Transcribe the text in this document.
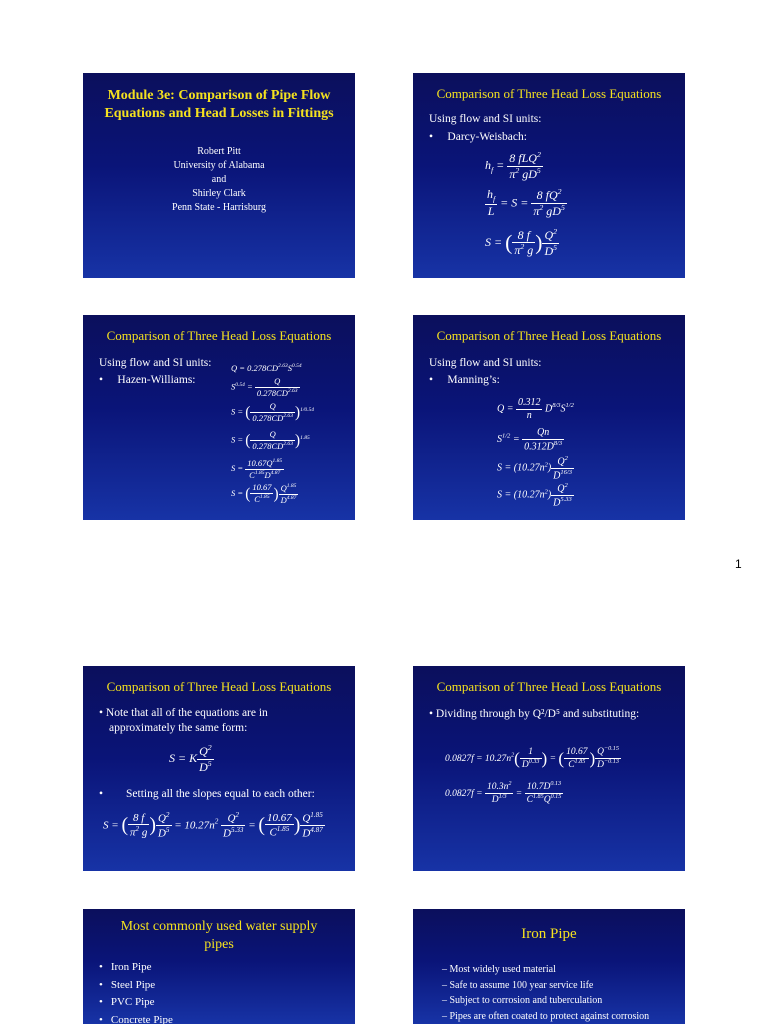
Module 3e: Comparison of Pipe Flow Equations and Head Losses in Fittings
Robert Pitt
University of Alabama
and
Shirley Clark
Penn State - Harrisburg
Comparison of Three Head Loss Equations
Using flow and SI units:
•     Darcy-Weisbach:
$h_f = \frac{8 fLQ^2}{\pi^2 gD^5}$
$\frac{h_f}{L} = S = \frac{8 fQ^2}{\pi^2 gD^5}$
S = ( $\frac{8 f}{\pi^2 g}$ ) $\frac{Q^2}{D^5}$
Comparison of Three Head Loss Equations
Using flow and SI units:
•     Hazen-Williams:
$Q = 0.278CD^{2.63}S^{0.54}$
$S^{0.54} = \frac{Q}{0.278CD^{2.63}}$
S = ( $\frac{Q}{0.278CD^{2.63}} )^{1/0.54}$
S = ( $\frac{Q}{0.278CD^{2.63}} )^{1.85}$
$S = \frac{10.67Q^{1.85}}{C^{1.85}D^{4.87}}$
S = ( $\frac{10.67}{C^{1.85}}$ ) $\frac{Q^{1.85}}{D^{4.87}}$
Comparison of Three Head Loss Equations
Using flow and SI units:
•     Manning’s:
$Q = \frac{0.312}{n} D^{8/3}S^{1/2}$
$S^{1/2} = \frac{Qn}{0.312D^{8/3}}$
$S = (10.27n^2) \frac{Q^2}{D^{16/3}}$
$S = (10.27n^2) \frac{Q^2}{D^{5.33}}$
1
Comparison of Three Head Loss Equations
• Note that all of the equations are in approximately the same form:
S = K $\frac{Q^2}{D^5}$
•        Setting all the slopes equal to each other:
S = ( $\frac{8 f}{\pi^2 g}$ ) $\frac{Q^2}{D^5} = 10.27n^2 \frac{Q^2}{D^{5.33}}$ = ( $\frac{10.67}{C^{1.85}}$ ) $\frac{Q^{1.85}}{D^{4.87}}$
Comparison of Three Head Loss Equations
• Dividing through by Q²/D⁵ and substituting:
$0.0827f = 10.27n^2( \frac{1}{D^{0.33}}$ ) = ( $\frac{10.67}{C^{1.85}}$ ) $\frac{Q^{-0.15}}{D^{-0.13}}$
$0.0827f = \frac{10.3n^2}{D^{1/3}} = \frac{10.7D^{0.13}}{C^{1.85}Q^{0.15}}$
Most commonly used water supply pipes
• Iron Pipe
• Steel Pipe
• PVC Pipe
• Concrete Pipe
Iron Pipe
– Most widely used material
– Safe to assume 100 year service life
– Subject to corrosion and tuberculation
– Pipes are often coated to protect against corrosion
